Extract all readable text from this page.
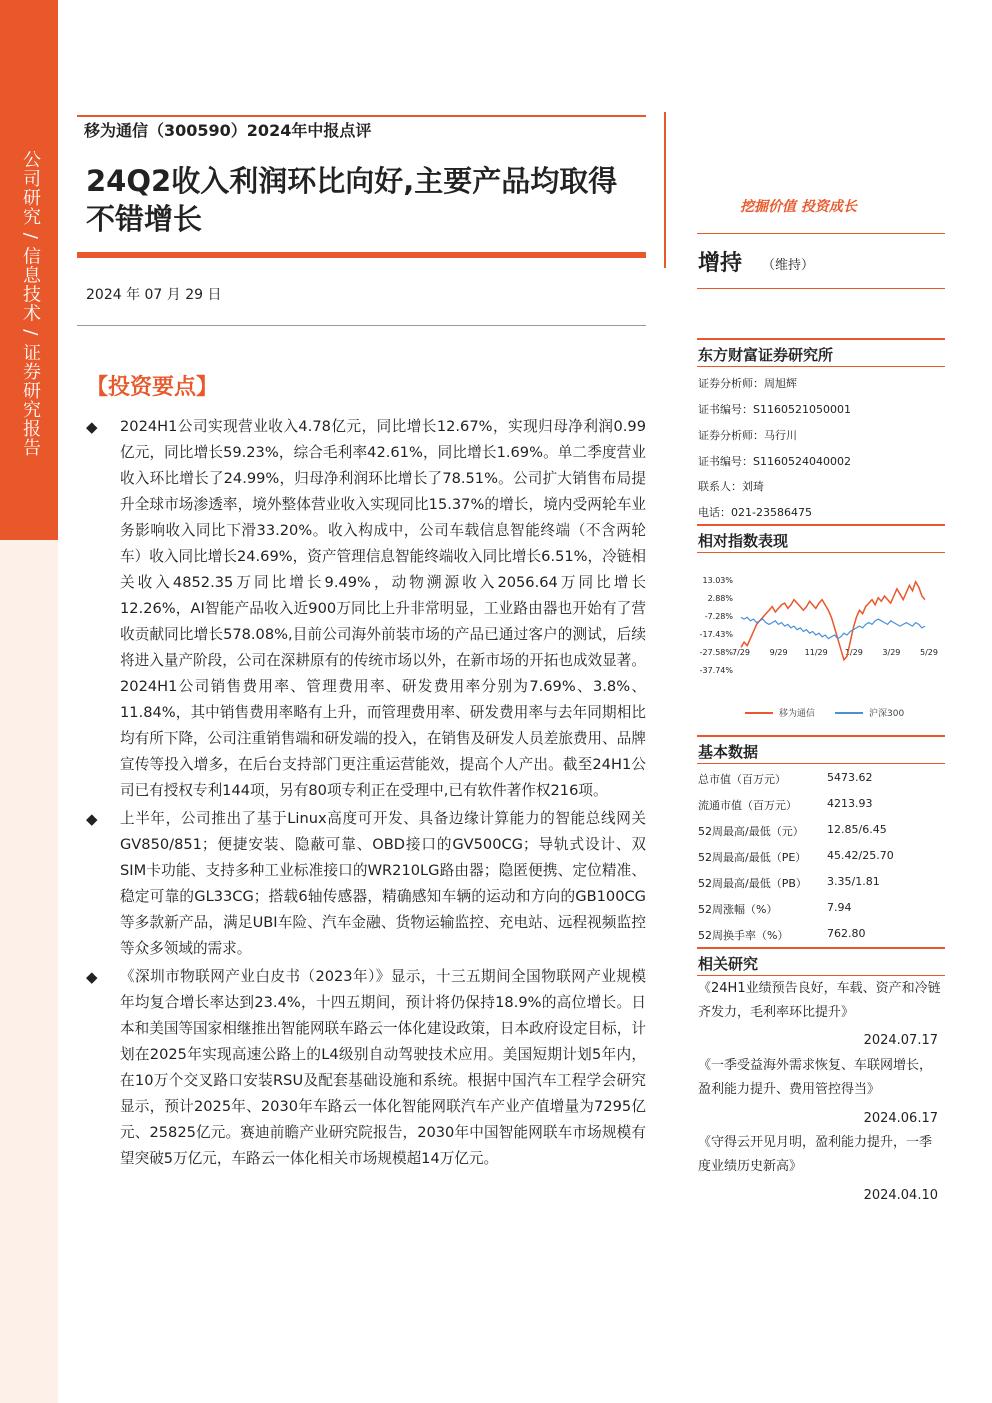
公司研究 / 信息技术 / 证券研究报告
移为通信（300590）2024年中报点评
24Q2收入利润环比向好,主要产品均取得不错增长
2024 年 07 月 29 日
【投资要点】
◆ 2024H1公司实现营业收入4.78亿元，同比增长12.67%，实现归母净利润0.99亿元，同比增长59.23%，综合毛利率42.61%，同比增长1.69%。单二季度营业收入环比增长了24.99%，归母净利润环比增长了78.51%。公司扩大销售布局提升全球市场渗透率，境外整体营业收入实现同比15.37%的增长，境内受两轮车业务影响收入同比下滑33.20%。收入构成中，公司车载信息智能终端（不含两轮车）收入同比增长24.69%，资产管理信息智能终端收入同比增长6.51%，冷链相关收入4852.35万同比增长9.49%，动物溯源收入2056.64万同比增长12.26%，AI智能产品收入近900万同比上升非常明显，工业路由器也开始有了营收贡献同比增长578.08%,目前公司海外前装市场的产品已通过客户的测试，后续将进入量产阶段，公司在深耕原有的传统市场以外，在新市场的开拓也成效显著。2024H1公司销售费用率、管理费用率、研发费用率分别为7.69%、3.8%、11.84%，其中销售费用率略有上升，而管理费用率、研发费用率与去年同期相比均有所下降，公司注重销售端和研发端的投入，在销售及研发人员差旅费用、品牌宣传等投入增多，在后台支持部门更注重运营能效，提高个人产出。截至24H1公司已有授权专利144项，另有80项专利正在受理中,已有软件著作权216项。
◆ 上半年，公司推出了基于Linux高度可开发、具备边缘计算能力的智能总线网关GV850/851；便捷安装、隐蔽可靠、OBD接口的GV500CG；导轨式设计、双SIM卡功能、支持多种工业标准接口的WR210LG路由器；隐匿便携、定位精准、稳定可靠的GL33CG；搭载6轴传感器，精确感知车辆的运动和方向的GB100CG等多款新产品，满足UBI车险、汽车金融、货物运输监控、充电站、远程视频监控等众多领域的需求。
◆ 《深圳市物联网产业白皮书（2023年）》显示，十三五期间全国物联网产业规模年均复合增长率达到23.4%，十四五期间，预计将仍保持18.9%的高位增长。日本和美国等国家相继推出智能网联车路云一体化建设政策，日本政府设定目标，计划在2025年实现高速公路上的L4级别自动驾驶技术应用。美国短期计划5年内，在10万个交叉路口安装RSU及配套基础设施和系统。根据中国汽车工程学会研究显示，预计2025年、2030年车路云一体化智能网联汽车产业产值增量为7295亿元、25825亿元。赛迪前瞻产业研究院报告，2030年中国智能网联车市场规模有望突破5万亿元，车路云一体化相关市场规模超14万亿元。
挖掘价值 投资成长
增持 （维持）
东方财富证券研究所
证券分析师：周旭辉
证书编号：S1160521050001
证券分析师：马行川
证书编号：S1160524040002
联系人：刘琦
电话：021-23586475
相对指数表现
13.03%
2.88%
-7.28%
-17.43%
-27.58%
-37.74%
7/29 9/29 11/29 1/29 3/29 5/29
移为通信	沪深300
基本数据
总市值（百万元）	5473.62
流通市值（百万元）	4213.93
52周最高/最低（元） 12.85/6.45
52周最高/最低（PE） 45.42/25.70
52周最高/最低（PB） 3.35/1.81
52周涨幅（%）	7.94
52周换手率（%）	762.80
相关研究
《24H1业绩预告良好，车载、资产和冷链齐发力，毛利率环比提升》
2024.07.17
《一季受益海外需求恢复、车联网增长，盈利能力提升、费用管控得当》
2024.06.17
《守得云开见月明，盈利能力提升，一季度业绩历史新高》
2024.04.10
